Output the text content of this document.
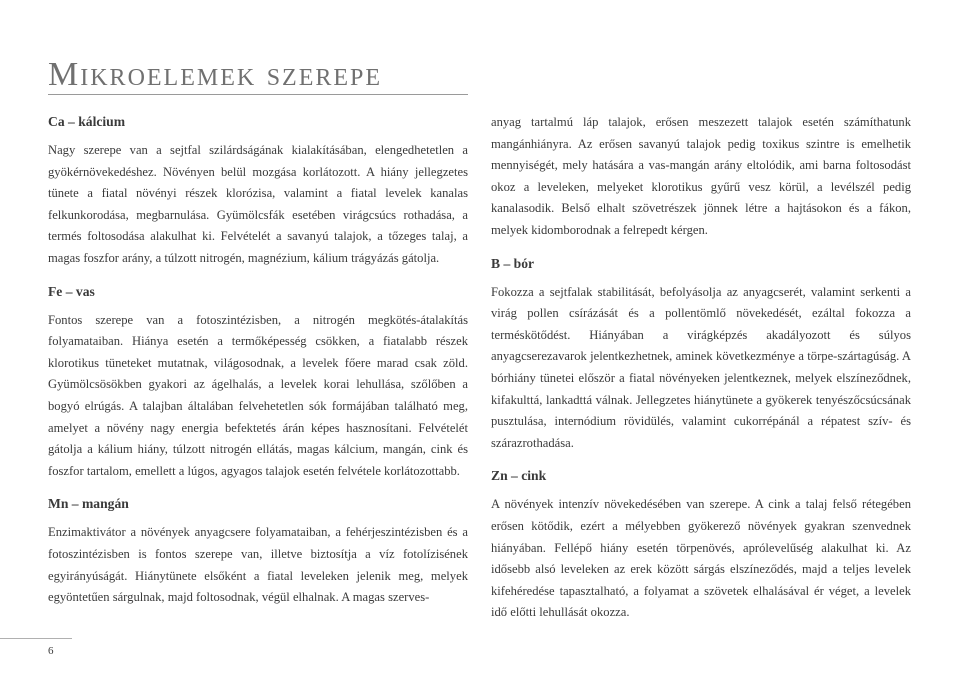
Mikroelemek szerepe
Ca – kálcium

Nagy szerepe van a sejtfal szilárdságának kialakításában, elengedhetetlen a gyökérnövekedéshez. Növényen belül mozgása korlátozott. A hiány jellegzetes tünete a fiatal növényi részek klorózisa, valamint a fiatal levelek kanalas felkunkorodása, megbarnulása. Gyümölcsfák esetében virágcsúcs rothadása, a termés foltosodása alakulhat ki. Felvételét a savanyú talajok, a tőzeges talaj, a magas foszfor arány, a túlzott nitrogén, magnézium, kálium trágyázás gátolja.

Fe – vas

Fontos szerepe van a fotoszintézisben, a nitrogén megkötés-átalakítás folyamataiban. Hiánya esetén a termőképesség csökken, a fiatalabb részek klorotikus tüneteket mutatnak, világosodnak, a levelek főere marad csak zöld. Gyümölcsösökben gyakori az ágelhalás, a levelek korai lehullása, szőlőben a bogyó elrúgás. A talajban általában felvehetetlen sók formájában található meg, amelyet a növény nagy energia befektetés árán képes hasznosítani. Felvételét gátolja a kálium hiány, túlzott nitrogén ellátás, magas kálcium, mangán, cink és foszfor tartalom, emellett a lúgos, agyagos talajok esetén felvétele korlátozottabb.

Mn – mangán

Enzimaktivátor a növények anyagcsere folyamataiban, a fehérjeszintézisben és a fotoszintézisben is fontos szerepe van, illetve biztosítja a víz fotolízisének egyirányúságát. Hiánytünete elsőként a fiatal leveleken jelenik meg, melyek egyöntetűen sárgulnak, majd foltosodnak, végül elhalnak. A magas szerves-

anyag tartalmú láp talajok, erősen meszezett talajok esetén számíthatunk mangánhiányra. Az erősen savanyú talajok pedig toxikus szintre is emelhetik mennyiségét, mely hatására a vas-mangán arány eltolódik, ami barna foltosodást okoz a leveleken, melyeket klorotikus gyűrű vesz körül, a levélszél pedig kanalasodik. Belső elhalt szövetrészek jönnek létre a hajtásokon és a fákon, melyek kidomborodnak a felrepedt kérgen.

B – bór

Fokozza a sejtfalak stabilitását, befolyásolja az anyagcserét, valamint serkenti a virág pollen csírázását és a pollentömlő növekedését, ezáltal fokozza a terméskötődést. Hiányában a virágképzés akadályozott és súlyos anyagcserezavarok jelentkezhetnek, aminek következménye a törpe-szártagúság. A bórhiány tünetei először a fiatal növényeken jelentkeznek, melyek elszíneződnek, kifakulttá, lankadttá válnak. Jellegzetes hiánytünete a gyökerek tenyészőcsúcsának pusztulása, internódium rövidülés, valamint cukorrépánál a répatest szív- és szárazrothadása.

Zn – cink

A növények intenzív növekedésében van szerepe. A cink a talaj felső rétegében erősen kötődik, ezért a mélyebben gyökerező növények gyakran szenvednek hiányában. Fellépő hiány esetén törpenövés, aprólevelűség alakulhat ki. Az idősebb alsó leveleken az erek között sárgás elszíneződés, majd a teljes levelek kifehéredése tapasztalható, a folyamat a szövetek elhalásával ér véget, a levelek idő előtti lehullását okozza.

6
